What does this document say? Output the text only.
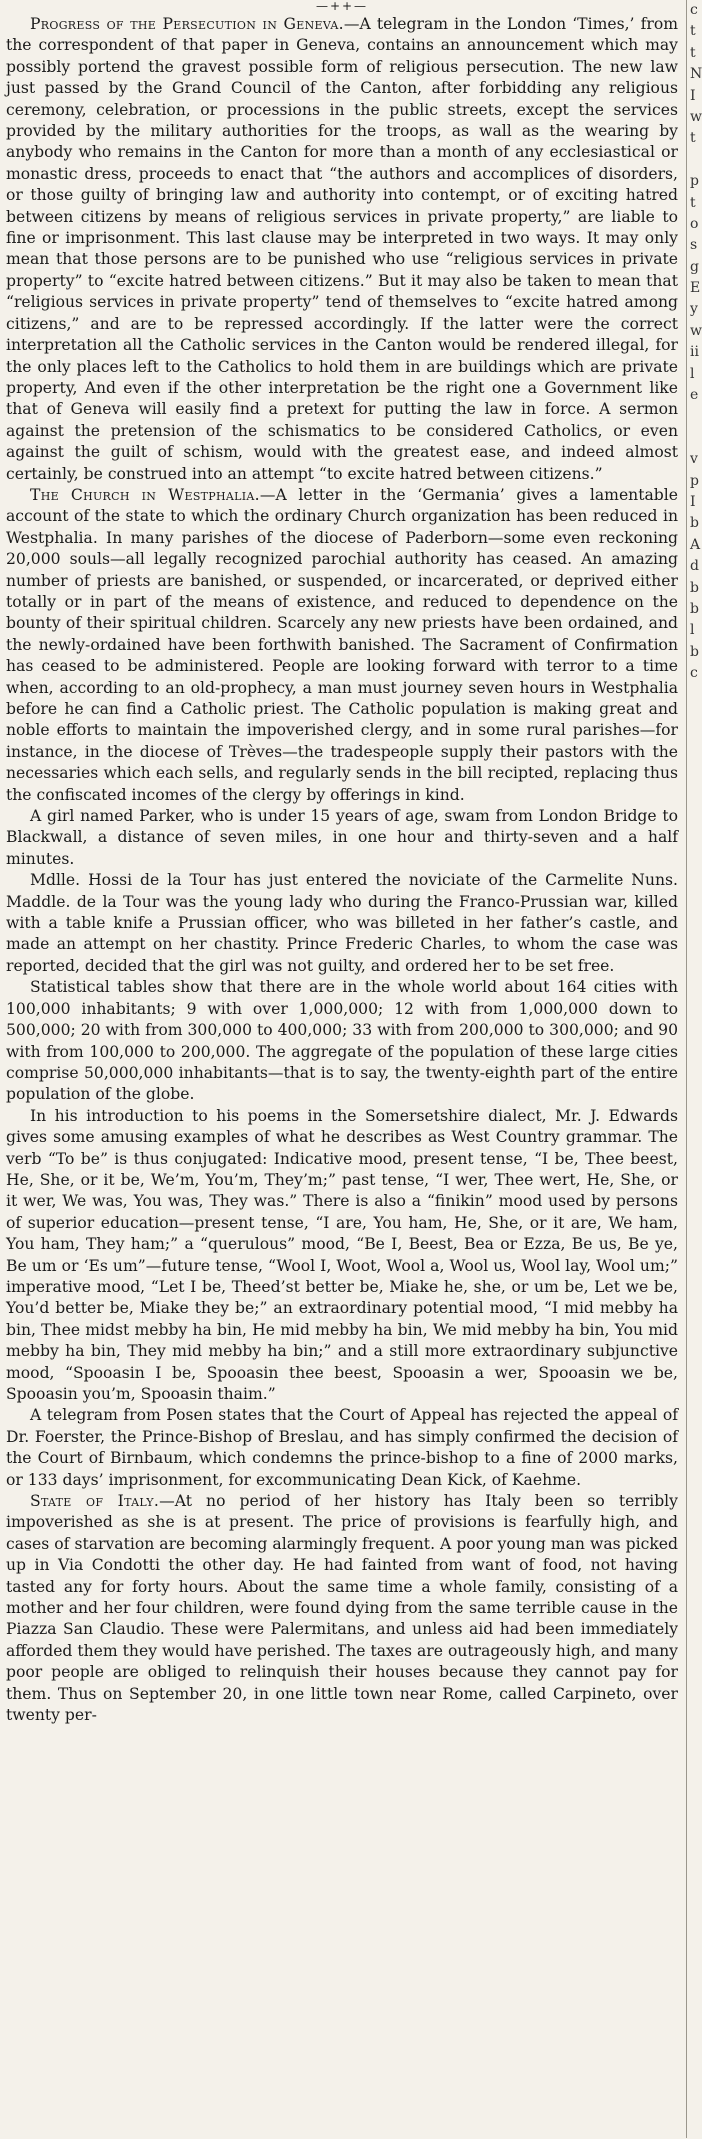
—++—

Progress of the Persecution in Geneva.—A telegram in the London ‘Times,’ from the correspondent of that paper in Geneva, contains an announcement which may possibly portend the gravest possible form of religious persecution. The new law just passed by the Grand Council of the Canton, after forbidding any religious ceremony, celebration, or processions in the public streets, except the services provided by the military authorities for the troops, as wall as the wearing by anybody who remains in the Canton for more than a month of any ecclesiastical or monastic dress, proceeds to enact that “the authors and accomplices of disorders, or those guilty of bringing law and authority into contempt, or of exciting hatred between citizens by means of religious services in private property,” are liable to fine or imprisonment. This last clause may be interpreted in two ways. It may only mean that those persons are to be punished who use “religious services in private property” to “excite hatred between citizens.” But it may also be taken to mean that “religious services in private property” tend of themselves to “excite hatred among citizens,” and are to be repressed accordingly. If the latter were the correct interpretation all the Catholic services in the Canton would be rendered illegal, for the only places left to the Catholics to hold them in are buildings which are private property, And even if the other interpretation be the right one a Government like that of Geneva will easily find a pretext for putting the law in force. A sermon against the pretension of the schismatics to be considered Catholics, or even against the guilt of schism, would with the greatest ease, and indeed almost certainly, be construed into an attempt “to excite hatred between citizens.”

The Church in Westphalia.—A letter in the ‘Germania’ gives a lamentable account of the state to which the ordinary Church organization has been reduced in Westphalia. In many parishes of the diocese of Paderborn—some even reckoning 20,000 souls—all legally recognized parochial authority has ceased. An amazing number of priests are banished, or suspended, or incarcerated, or deprived either totally or in part of the means of existence, and reduced to dependence on the bounty of their spiritual children. Scarcely any new priests have been ordained, and the newly-ordained have been forthwith banished. The Sacrament of Confirmation has ceased to be administered. People are looking forward with terror to a time when, according to an old-prophecy, a man must journey seven hours in Westphalia before he can find a Catholic priest. The Catholic population is making great and noble efforts to maintain the impoverished clergy, and in some rural parishes—for instance, in the diocese of Trèves—the tradespeople supply their pastors with the necessaries which each sells, and regularly sends in the bill recipted, replacing thus the confiscated incomes of the clergy by offerings in kind.

A girl named Parker, who is under 15 years of age, swam from London Bridge to Blackwall, a distance of seven miles, in one hour and thirty-seven and a half minutes.

Mdlle. Hossi de la Tour has just entered the noviciate of the Carmelite Nuns. Maddle. de la Tour was the young lady who during the Franco-Prussian war, killed with a table knife a Prussian officer, who was billeted in her father’s castle, and made an attempt on her chastity. Prince Frederic Charles, to whom the case was reported, decided that the girl was not guilty, and ordered her to be set free.

Statistical tables show that there are in the whole world about 164 cities with 100,000 inhabitants; 9 with over 1,000,000; 12 with from 1,000,000 down to 500,000; 20 with from 300,000 to 400,000; 33 with from 200,000 to 300,000; and 90 with from 100,000 to 200,000. The aggregate of the population of these large cities comprise 50,000,000 inhabitants—that is to say, the twenty-eighth part of the entire population of the globe.

In his introduction to his poems in the Somersetshire dialect, Mr. J. Edwards gives some amusing examples of what he describes as West Country grammar. The verb “To be” is thus conjugated: Indicative mood, present tense, “I be, Thee beest, He, She, or it be, We’m, You’m, They’m;” past tense, “I wer, Thee wert, He, She, or it wer, We was, You was, They was.” There is also a “finikin” mood used by persons of superior education—present tense, “I are, You ham, He, She, or it are, We ham, You ham, They ham;” a “querulous” mood, “Be I, Beest, Bea or Ezza, Be us, Be ye, Be um or ‘Es um”—future tense, “Wool I, Woot, Wool a, Wool us, Wool lay, Wool um;” imperative mood, “Let I be, Theed’st better be, Miake he, she, or um be, Let we be, You’d better be, Miake they be;” an extraordinary potential mood, “I mid mebby ha bin, Thee midst mebby ha bin, He mid mebby ha bin, We mid mebby ha bin, You mid mebby ha bin, They mid mebby ha bin;” and a still more extraordinary subjunctive mood, “Spooasin I be, Spooasin thee beest, Spooasin a wer, Spooasin we be, Spooasin you’m, Spooasin thaim.”

A telegram from Posen states that the Court of Appeal has rejected the appeal of Dr. Foerster, the Prince-Bishop of Breslau, and has simply confirmed the decision of the Court of Birnbaum, which condemns the prince-bishop to a fine of 2000 marks, or 133 days’ imprisonment, for excommunicating Dean Kick, of Kaehme.

State of Italy.—At no period of her history has Italy been so terribly impoverished as she is at present. The price of provisions is fearfully high, and cases of starvation are becoming alarmingly frequent. A poor young man was picked up in Via Condotti the other day. He had fainted from want of food, not having tasted any for forty hours. About the same time a whole family, consisting of a mother and her four children, were found dying from the same terrible cause in the Piazza San Claudio. These were Palermitans, and unless aid had been immediately afforded them they would have perished. The taxes are outrageously high, and many poor people are obliged to relinquish their houses because they cannot pay for them. Thus on September 20, in one little town near Rome, called Carpineto, over twenty per-

c
t
t
N
I
w
t
p
t
o
s
g
E
y
w
ii
l
e
v
p
I
b
A
d
b
b
l
b
c
